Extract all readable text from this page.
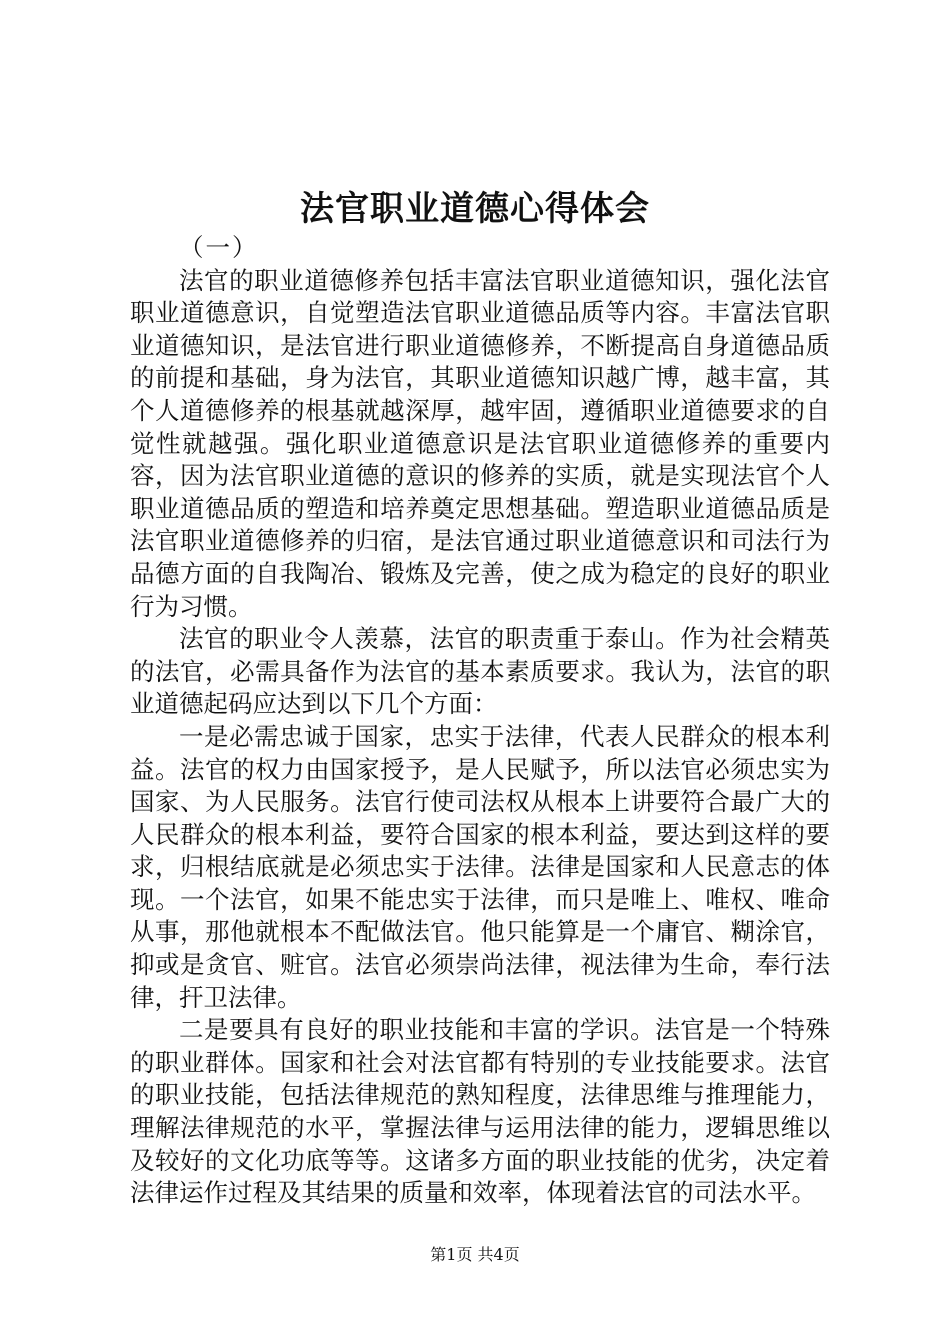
法官职业道德心得体会

（一）

法官的职业道德修养包括丰富法官职业道德知识，强化法官职业道德意识，自觉塑造法官职业道德品质等内容。丰富法官职业道德知识，是法官进行职业道德修养，不断提高自身道德品质的前提和基础，身为法官，其职业道德知识越广博，越丰富，其个人道德修养的根基就越深厚，越牢固，遵循职业道德要求的自觉性就越强。强化职业道德意识是法官职业道德修养的重要内容，因为法官职业道德的意识的修养的实质，就是实现法官个人职业道德品质的塑造和培养奠定思想基础。塑造职业道德品质是法官职业道德修养的归宿，是法官通过职业道德意识和司法行为品德方面的自我陶冶、锻炼及完善，使之成为稳定的良好的职业行为习惯。

法官的职业令人羡慕，法官的职责重于泰山。作为社会精英的法官，必需具备作为法官的基本素质要求。我认为，法官的职业道德起码应达到以下几个方面：

一是必需忠诚于国家，忠实于法律，代表人民群众的根本利益。法官的权力由国家授予，是人民赋予，所以法官必须忠实为国家、为人民服务。法官行使司法权从根本上讲要符合最广大的人民群众的根本利益，要符合国家的根本利益，要达到这样的要求，归根结底就是必须忠实于法律。法律是国家和人民意志的体现。一个法官，如果不能忠实于法律，而只是唯上、唯权、唯命从事，那他就根本不配做法官。他只能算是一个庸官、糊涂官，抑或是贪官、赃官。法官必须崇尚法律，视法律为生命，奉行法律，扞卫法律。

二是要具有良好的职业技能和丰富的学识。法官是一个特殊的职业群体。国家和社会对法官都有特别的专业技能要求。法官的职业技能，包括法律规范的熟知程度，法律思维与推理能力，理解法律规范的水平，掌握法律与运用法律的能力，逻辑思维以及较好的文化功底等等。这诸多方面的职业技能的优劣，决定着法律运作过程及其结果的质量和效率，体现着法官的司法水平。

第1页 共4页
